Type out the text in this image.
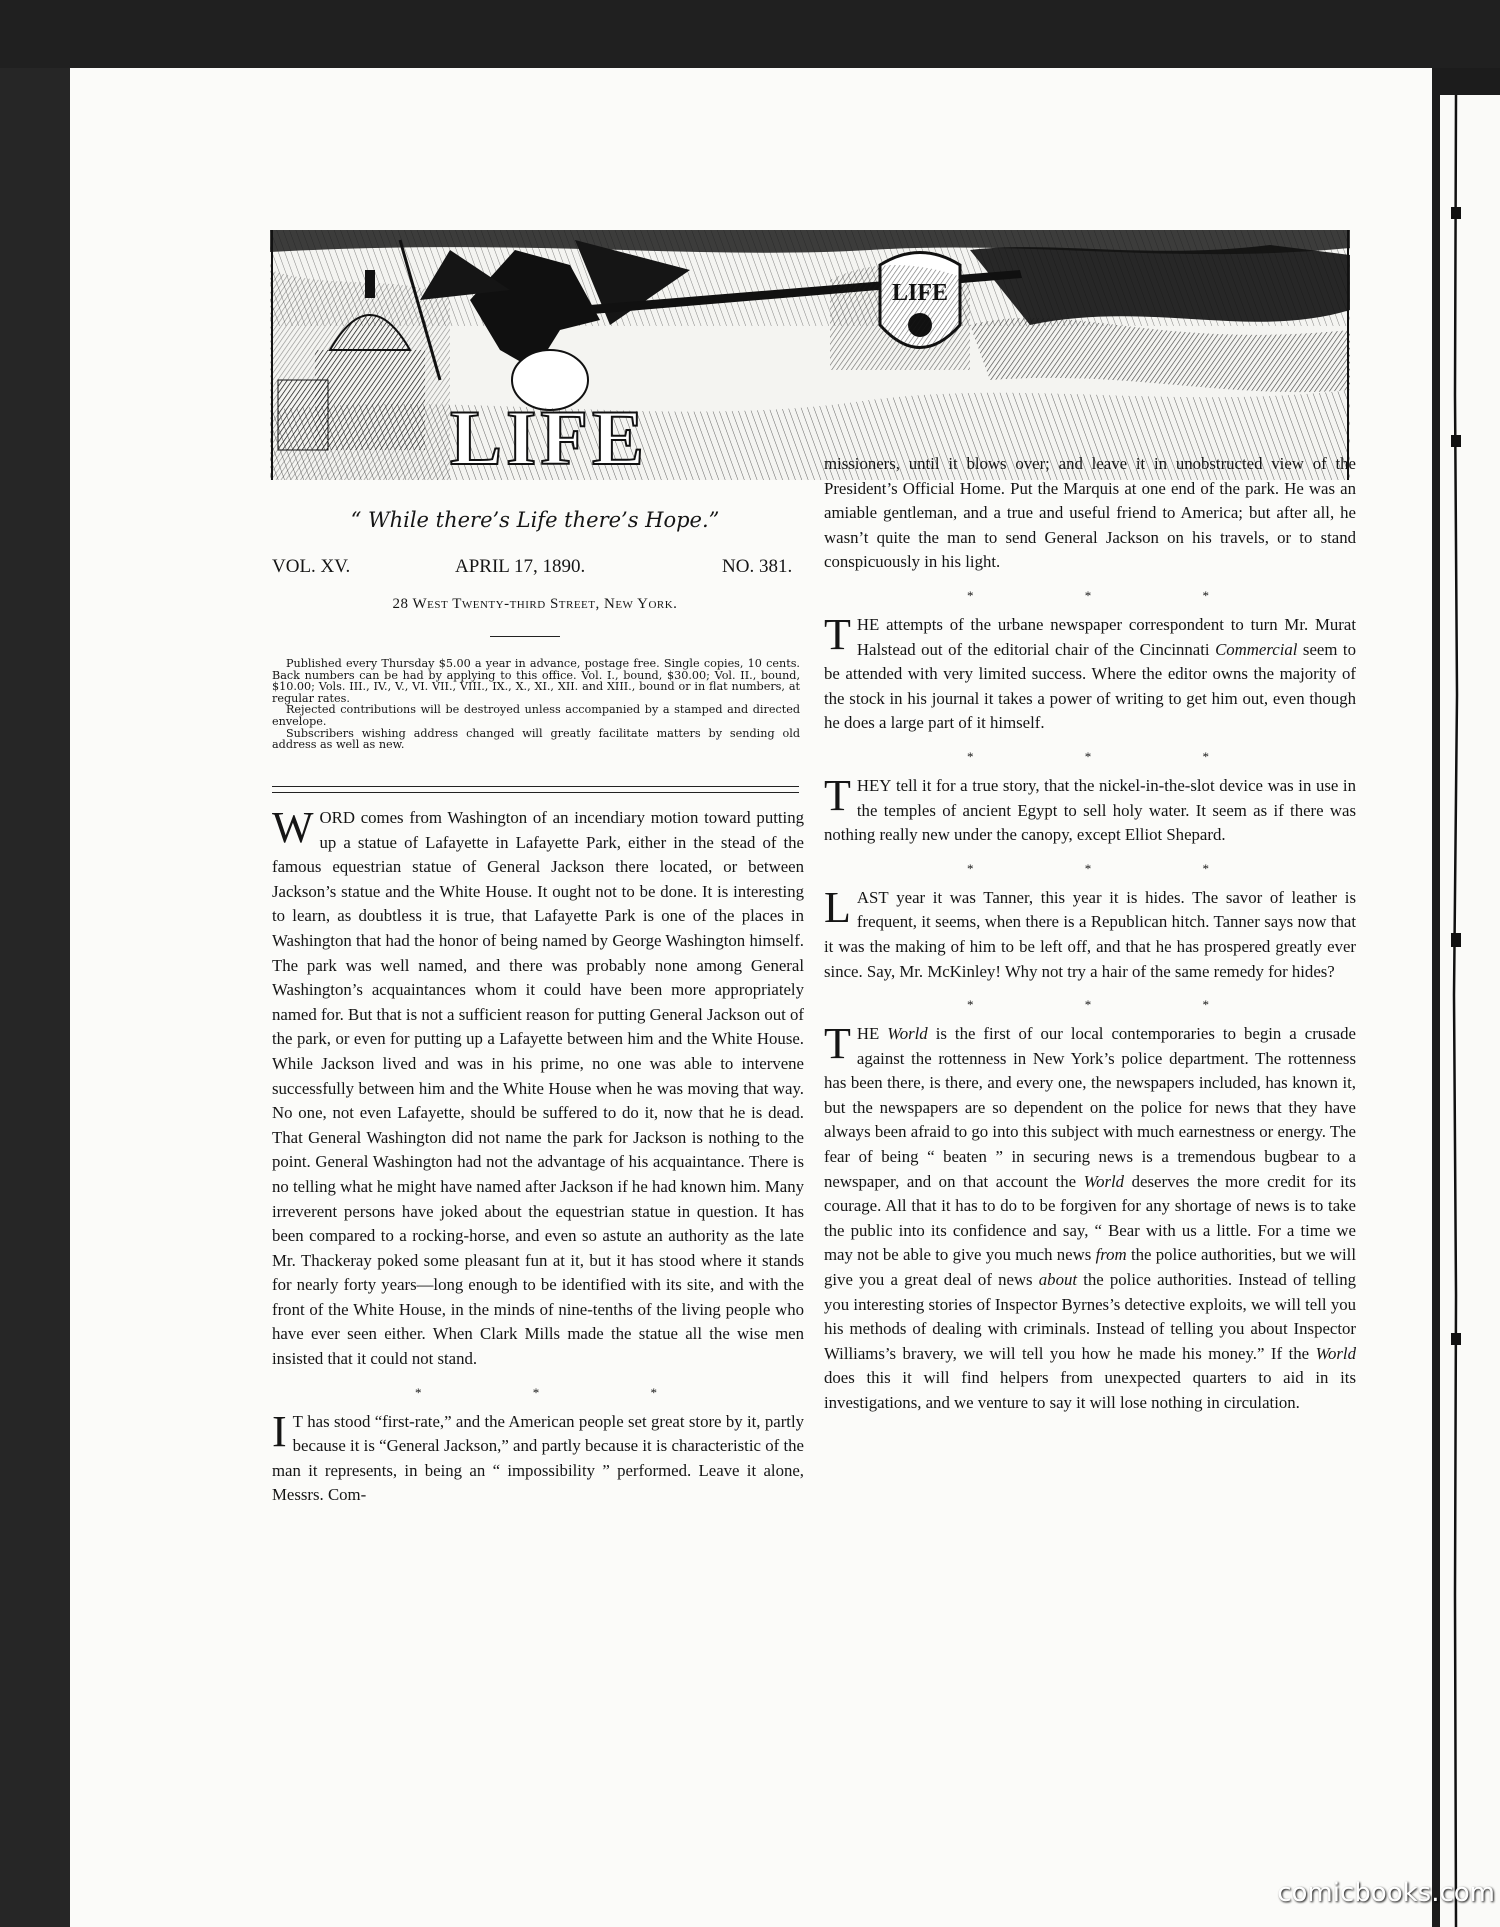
LIFE
“ While there’s Life there’s Hope.”
VOL. XV.	APRIL 17, 1890.	NO. 381.
28 West Twenty-third Street, New York.

Published every Thursday $5.00 a year in advance, postage free. Single copies, 10 cents. Back numbers can be had by applying to this office. Vol. I., bound, $30.00; Vol. II., bound, $10.00; Vols. III., IV., V., VI. VII., VIII., IX., X., XI., XII. and XIII., bound or in flat numbers, at regular rates.

Rejected contributions will be destroyed unless accompanied by a stamped and directed envelope.

Subscribers wishing address changed will greatly facilitate matters by sending old address as well as new.

WORD comes from Washington of an incendiary motion toward putting up a statue of Lafayette in Lafayette Park, either in the stead of the famous equestrian statue of General Jackson there located, or between Jackson’s statue and the White House. It ought not to be done. It is interesting to learn, as doubtless it is true, that Lafayette Park is one of the places in Washington that had the honor of being named by George Washington himself. The park was well named, and there was probably none among General Washington’s acquaintances whom it could have been more appropriately named for. But that is not a sufficient reason for putting General Jackson out of the park, or even for putting up a Lafayette between him and the White House. While Jackson lived and was in his prime, no one was able to intervene successfully between him and the White House when he was moving that way. No one, not even Lafayette, should be suffered to do it, now that he is dead. That General Washington did not name the park for Jackson is nothing to the point. General Washington had not the advantage of his acquaintance. There is no telling what he might have named after Jackson if he had known him. Many irreverent persons have joked about the equestrian statue in question. It has been compared to a rocking-horse, and even so astute an authority as the late Mr. Thackeray poked some pleasant fun at it, but it has stood where it stands for nearly forty years—long enough to be identified with its site, and with the front of the White House, in the minds of nine-tenths of the living people who have ever seen either. When Clark Mills made the statue all the wise men insisted that it could not stand.

* * *

I T has stood “first-rate,” and the American people set great store by it, partly because it is “General Jackson,” and partly because it is characteristic of the man it represents, in being an “ impossibility ” performed. Leave it alone, Messrs. Com-

missioners, until it blows over; and leave it in unobstructed view of the President’s Official Home. Put the Marquis at one end of the park. He was an amiable gentleman, and a true and useful friend to America; but after all, he wasn’t quite the man to send General Jackson on his travels, or to stand conspicuously in his light.

* * *

THE attempts of the urbane newspaper correspondent to turn Mr. Murat Halstead out of the editorial chair of the Cincinnati Commercial seem to be attended with very limited success. Where the editor owns the majority of the stock in his journal it takes a power of writing to get him out, even though he does a large part of it himself.

* * *

THEY tell it for a true story, that the nickel-in-the-slot device was in use in the temples of ancient Egypt to sell holy water. It seem as if there was nothing really new under the canopy, except Elliot Shepard.

* * *

LAST year it was Tanner, this year it is hides. The savor of leather is frequent, it seems, when there is a Republican hitch. Tanner says now that it was the making of him to be left off, and that he has prospered greatly ever since. Say, Mr. McKinley! Why not try a hair of the same remedy for hides?

* * *

THE World is the first of our local contemporaries to begin a crusade against the rottenness in New York’s police department. The rottenness has been there, is there, and every one, the newspapers included, has known it, but the newspapers are so dependent on the police for news that they have always been afraid to go into this subject with much earnestness or energy. The fear of being “ beaten ” in securing news is a tremendous bugbear to a newspaper, and on that account the World deserves the more credit for its courage. All that it has to do to be forgiven for any shortage of news is to take the public into its confidence and say, “ Bear with us a little. For a time we may not be able to give you much news from the police authorities, but we will give you a great deal of news about the police authorities. Instead of telling you interesting stories of Inspector Byrnes’s detective exploits, we will tell you his methods of dealing with criminals. Instead of telling you about Inspector Williams’s bravery, we will tell you how he made his money.” If the World does this it will find helpers from unexpected quarters to aid in its investigations, and we venture to say it will lose nothing in circulation.

comicbooks.com
